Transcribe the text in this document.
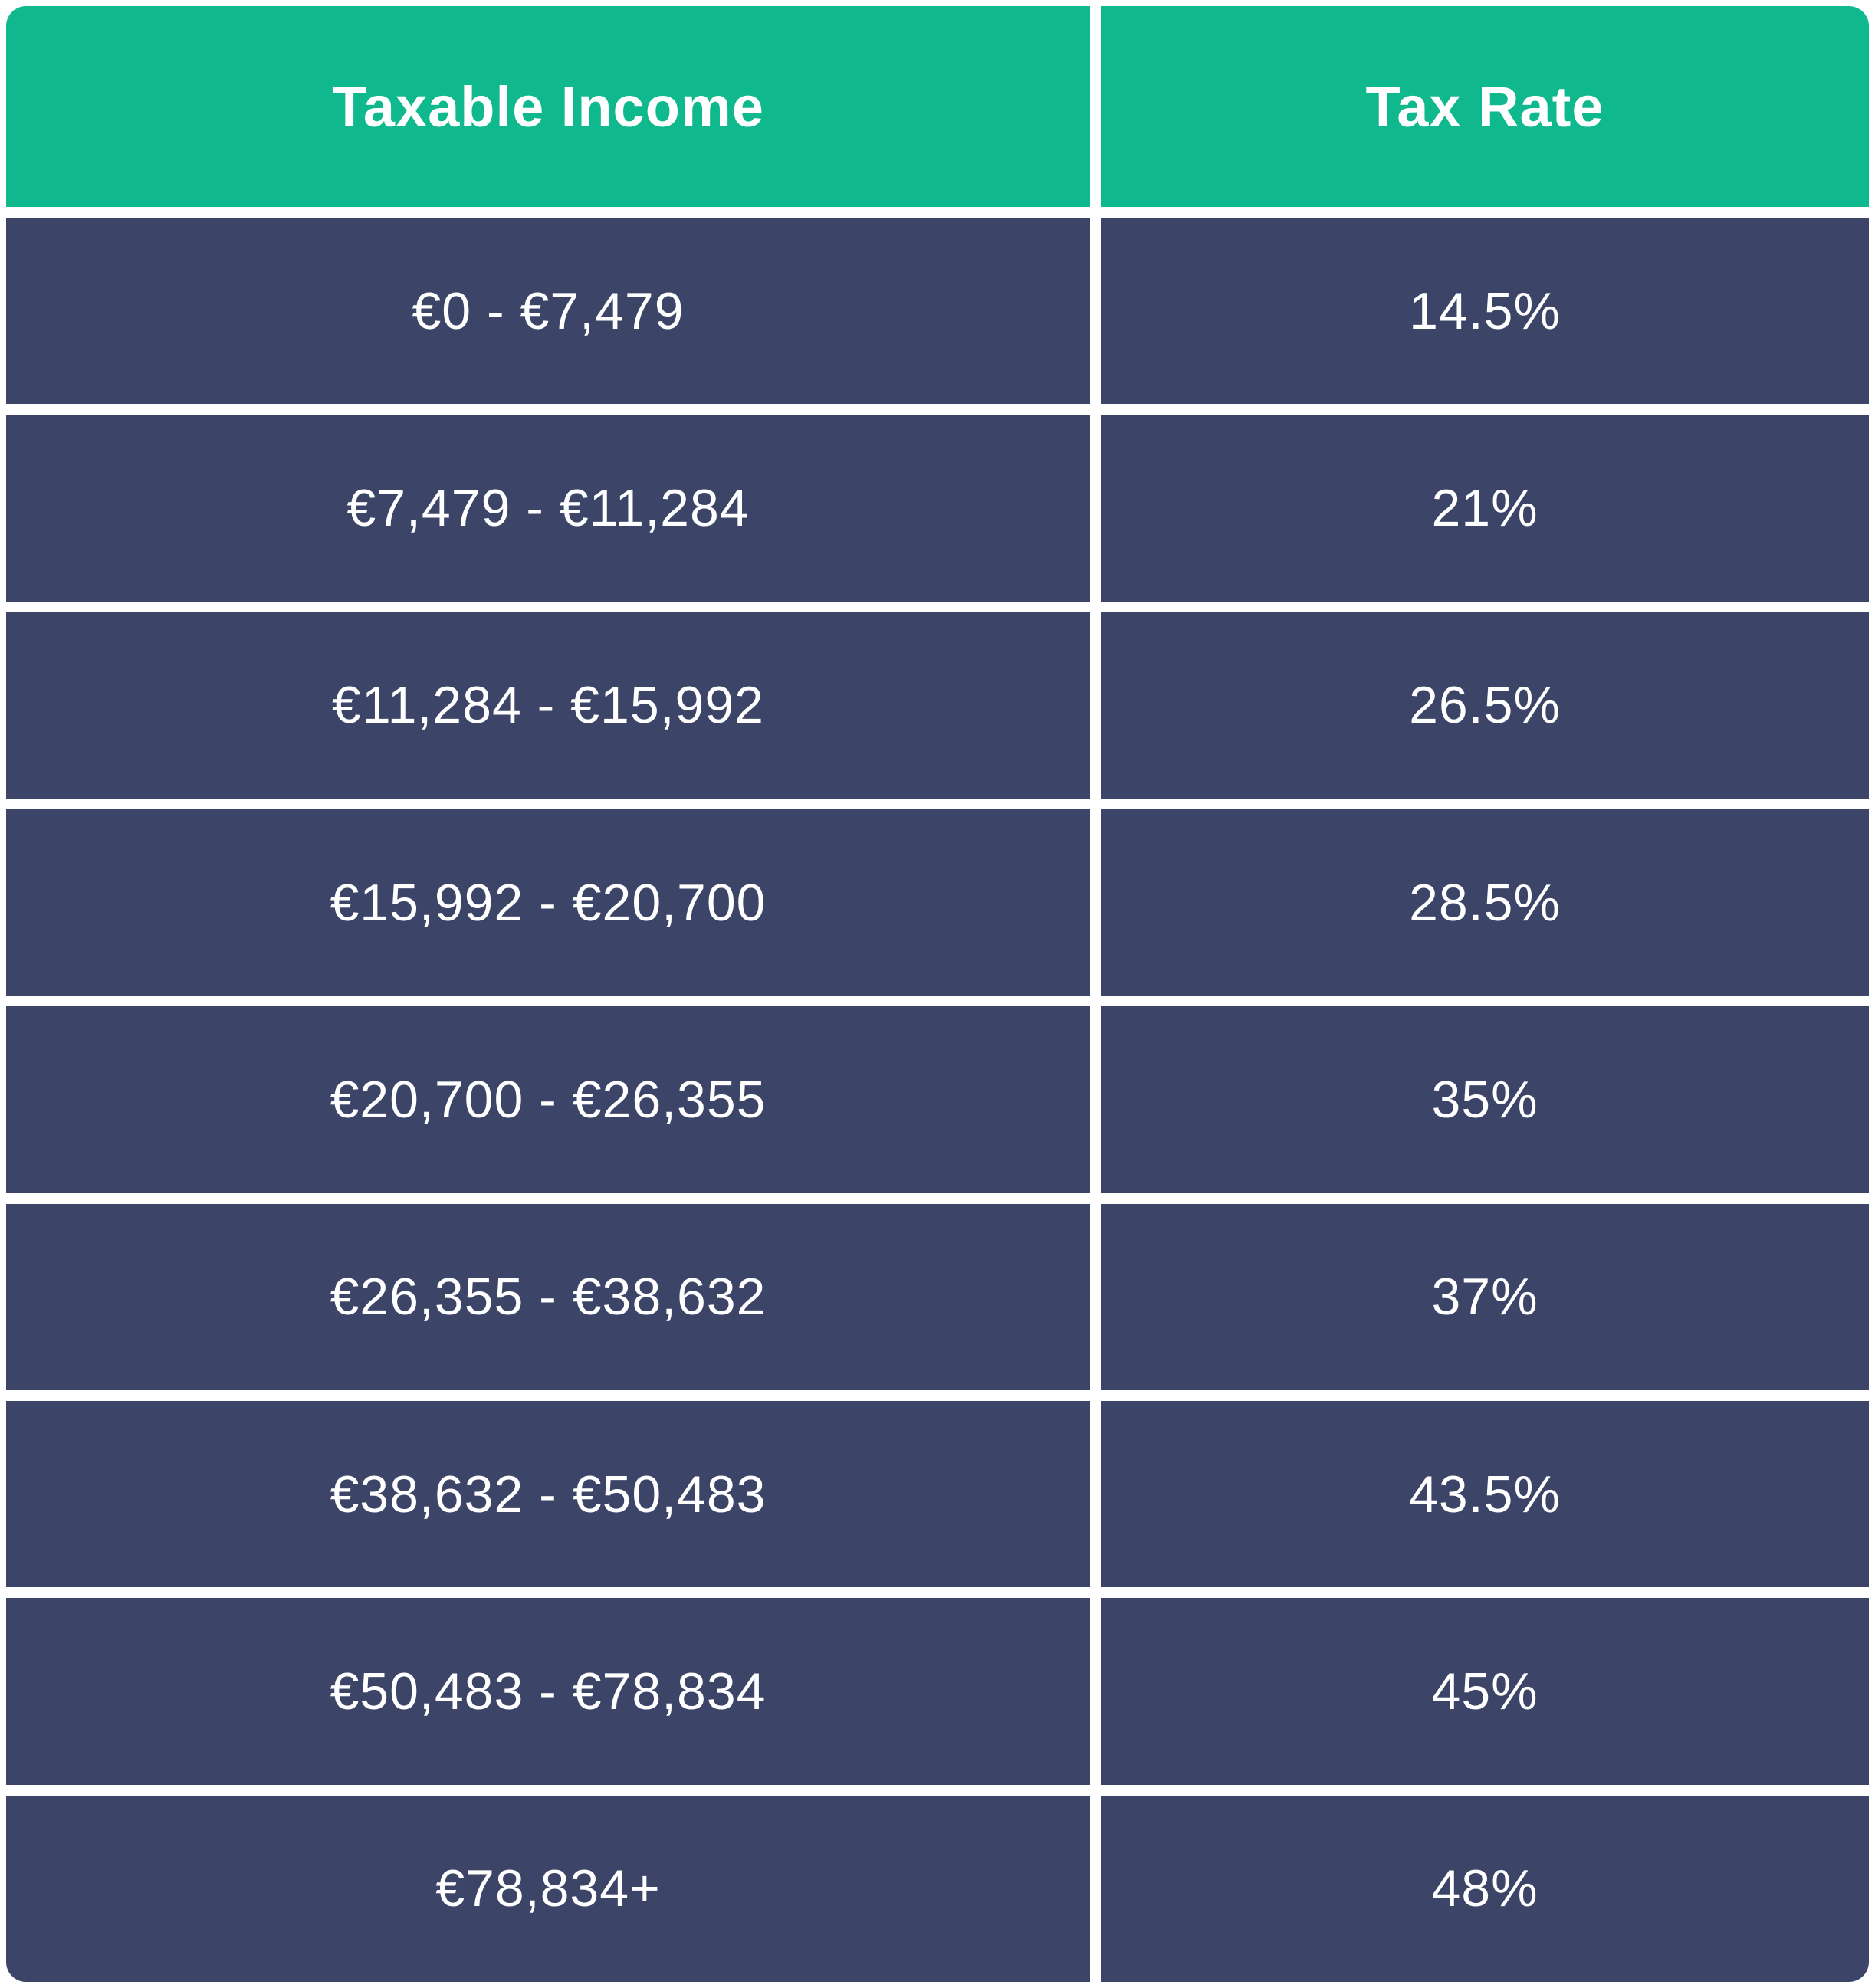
Taxable Income	Tax Rate
€0 - €7,479	14.5%
€7,479 - €11,284	21%
€11,284 - €15,992	26.5%
€15,992 - €20,700	28.5%
€20,700 - €26,355	35%
€26,355 - €38,632	37%
€38,632 - €50,483	43.5%
€50,483 - €78,834	45%
€78,834+	48%
